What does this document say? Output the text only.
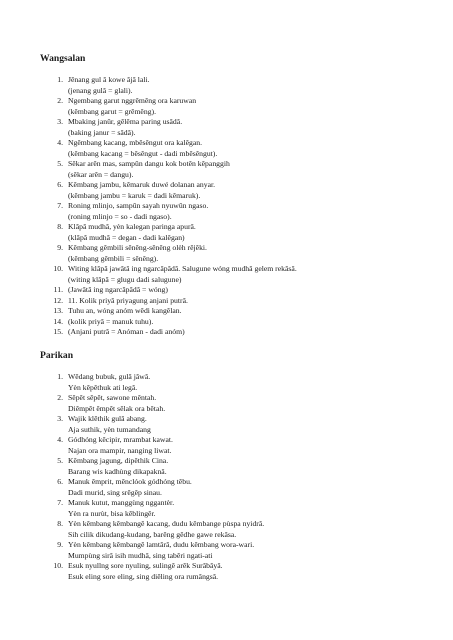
Wangsalan
1. Jênang gul â kowe âjâ lali.
(jenang gulâ = glali).
2. Ngembang garut nggrêmêng ora karuwan
(kêmbang garut = grêmêng).
3. Mbaking janûr, gêlêma paring usâdâ.
(baking janur = sâdâ).
4. Ngêmbang kacang, mbêsêngut ora kalêgan.
(kêmbang kacang = bêsêngut - dadi mbêsêngut).
5. Sêkar arên mas, sampûn dangu kok botên kêpanggih
(sêkar arên = dangu).
6. Kêmbang jambu, kêmaruk duwé dolanan anyar.
(kêmbang jambu = karuk = dadi kêmaruk).
7. Roning mlinjo, sampûn sayah nyuwûn ngaso.
(roning mlinjo = so - dadi ngaso).
8. Klâpâ mudhâ, yèn kalegan paringa apurâ.
(klâpâ mudhâ = degan - dadi kalêgan)
9. Kêmbang gêmbili sênêng-sênêng olèh rêjêki.
(kêmbang gêmbili = sênêng).
10. Witing klâpâ jawâtâ ing ngarcâpâdâ. Salugune wóng mudhâ gelem rekâsâ.
(witing klâpâ = glugu dadi salugune)
11. (Jawâtâ ing ngarcâpâdâ = wóng)
12. 11. Kolik priyâ priyagung anjani putrâ.
13. Tuhu an, wóng anóm wêdi kangêlan.
14. (kolik priyâ = manuk tuhu).
15. (Anjani putrâ = Anóman - dadi anóm)
Parikan
1. Wêdang bubuk, gulâ jâwâ.
Yèn kêpêthuk ati legâ.
2. Sêpêt sêpêt, sawone mêntah.
Diêmpêt êmpêt sêlak ora bêtah.
3. Wajik klêthik gulâ abang.
Aja suthik, yèn tumandang
4. Gódhóng kêcipir, mrambat kawat.
Najan ora mampir, nanging liwat.
5. Kêmbang jagung, dipêthik Cina.
Barang wis kadhùng dikapaknâ.
6. Manuk êmprit, mênclóok gódhóng têbu.
Dadi murid, sing srêgêp sinau.
7. Manuk kutut, manggùng nggantèr.
Yèn ra nurùt, bisa kêblingêr.
8. Yèn kêmbang kêmbangê kacang, dudu kêmbange pùspa nyidrâ.
Sih cilik dikudang-kudang, barêng gêdhe gawe rekâsa.
9. Yèn kêmbang kêmbangê lamtârâ, dudu kêmbang wora-wari.
Mumpùng sirâ isih mudhâ, sing tabêri ngati-ati
10. Esuk nyullng sore nyuling, sulingê arêk Surâbâyâ.
Esuk eling sore eling, sing diêling ora rumângsâ.
